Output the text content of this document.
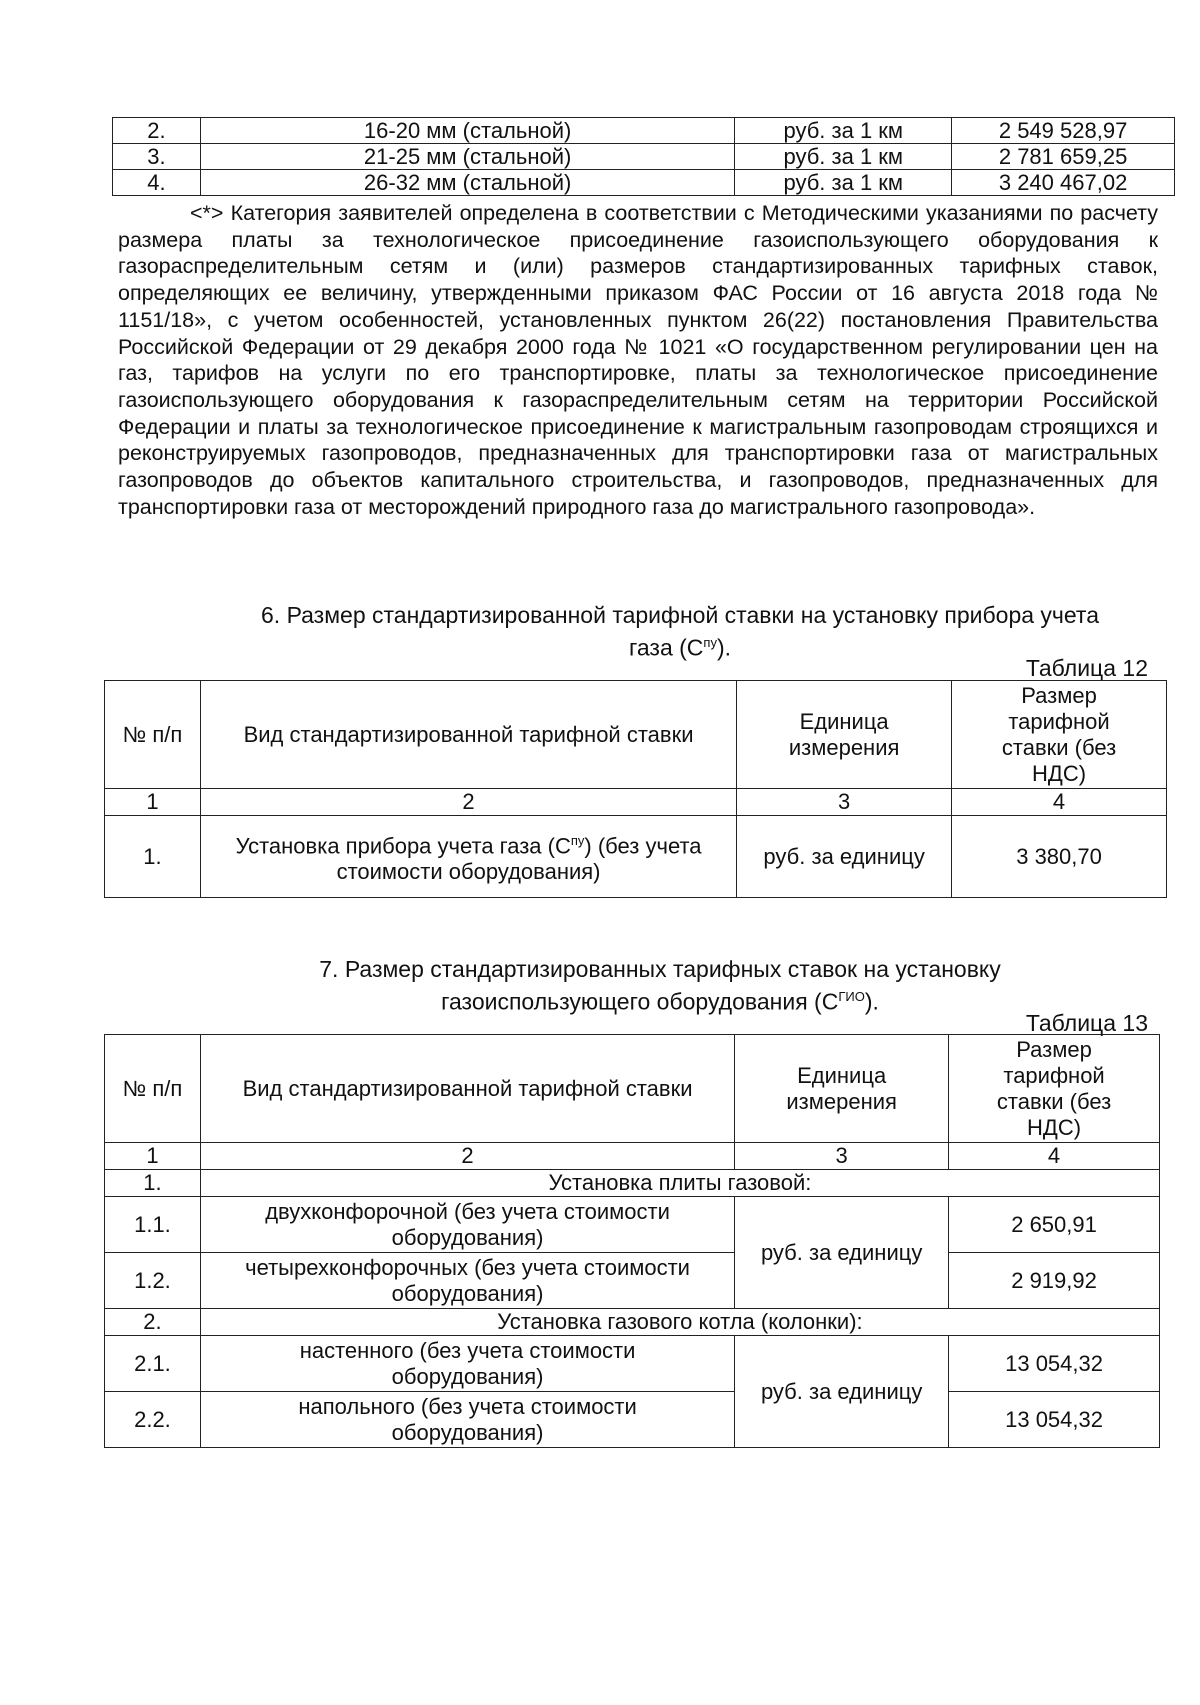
2.	16-20 мм (стальной)	руб. за 1 км	2 549 528,97
3.	21-25 мм (стальной)	руб. за 1 км	2 781 659,25
4.	26-32 мм (стальной)	руб. за 1 км	3 240 467,02

<*> Категория заявителей определена в соответствии с Методическими указаниями по расчету размера платы за технологическое присоединение газоиспользующего оборудования к газораспределительным сетям и (или) размеров стандартизированных тарифных ставок, определяющих ее величину, утвержденными приказом ФАС России от 16 августа 2018 года № 1151/18», с учетом особенностей, установленных пунктом 26(22) постановления Правительства Российской Федерации от 29 декабря 2000 года № 1021 «О государственном регулировании цен на газ, тарифов на услуги по его транспортировке, платы за технологическое присоединение газоиспользующего оборудования к газораспределительным сетям на территории Российской Федерации и платы за технологическое присоединение к магистральным газопроводам строящихся и реконструируемых газопроводов, предназначенных для транспортировки газа от магистральных газопроводов до объектов капитального строительства, и газопроводов, предназначенных для транспортировки газа от месторождений природного газа до магистрального газопровода».

6. Размер стандартизированной тарифной ставки на установку прибора учета
газа $(С^{пу})$.
Таблица 12
№ п/п	Вид стандартизированной тарифной ставки	Единица измерения	Размер тарифной ставки (без НДС)
1	2	3	4
1.	Установка прибора учета газа $(С^{пу})$ (без учета стоимости оборудования)	руб. за единицу	3 380,70
7. Размер стандартизированных тарифных ставок на установку
газоиспользующего оборудования $(С^{ГИО})$.
Таблица 13
№ п/п	Вид стандартизированной тарифной ставки	Единица измерения	Размер тарифной ставки (без НДС)
1	2	3	4
1.	Установка плиты газовой:		
1.1.	двухконфорочной (без учета стоимости оборудования)	руб. за единицу	2 650,91
1.2.	четырехконфорочных (без учета стоимости оборудования)		2 919,92
2.	Установка газового котла (колонки):		
2.1.	настенного (без учета стоимости оборудования)	руб. за единицу	13 054,32
2.2.	напольного (без учета стоимости оборудования)		13 054,32
